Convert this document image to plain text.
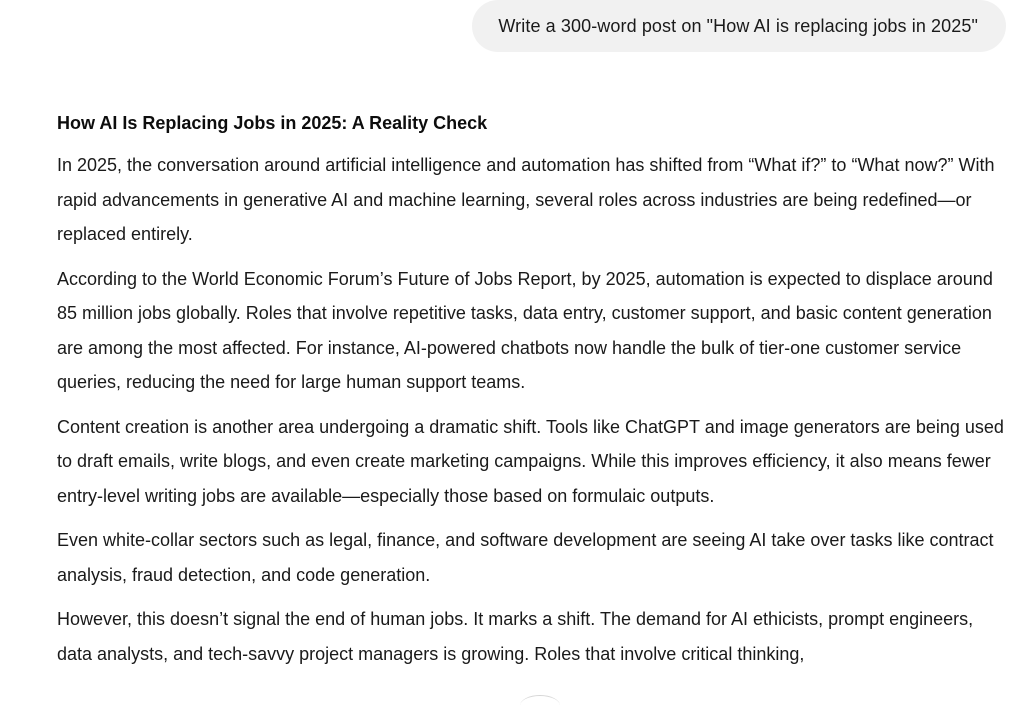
Write a 300-word post on "How AI is replacing jobs in 2025"
How AI Is Replacing Jobs in 2025: A Reality Check

In 2025, the conversation around artificial intelligence and automation has shifted from “What if?” to “What now?” With rapid advancements in generative AI and machine learning, several roles across industries are being redefined—or replaced entirely.

According to the World Economic Forum’s Future of Jobs Report, by 2025, automation is expected to displace around 85 million jobs globally. Roles that involve repetitive tasks, data entry, customer support, and basic content generation are among the most affected. For instance, AI-powered chatbots now handle the bulk of tier-one customer service queries, reducing the need for large human support teams.

Content creation is another area undergoing a dramatic shift. Tools like ChatGPT and image generators are being used to draft emails, write blogs, and even create marketing campaigns. While this improves efficiency, it also means fewer entry-level writing jobs are available—especially those based on formulaic outputs.

Even white-collar sectors such as legal, finance, and software development are seeing AI take over tasks like contract analysis, fraud detection, and code generation.

However, this doesn’t signal the end of human jobs. It marks a shift. The demand for AI ethicists, prompt engineers, data analysts, and tech-savvy project managers is growing. Roles that involve critical thinking,
